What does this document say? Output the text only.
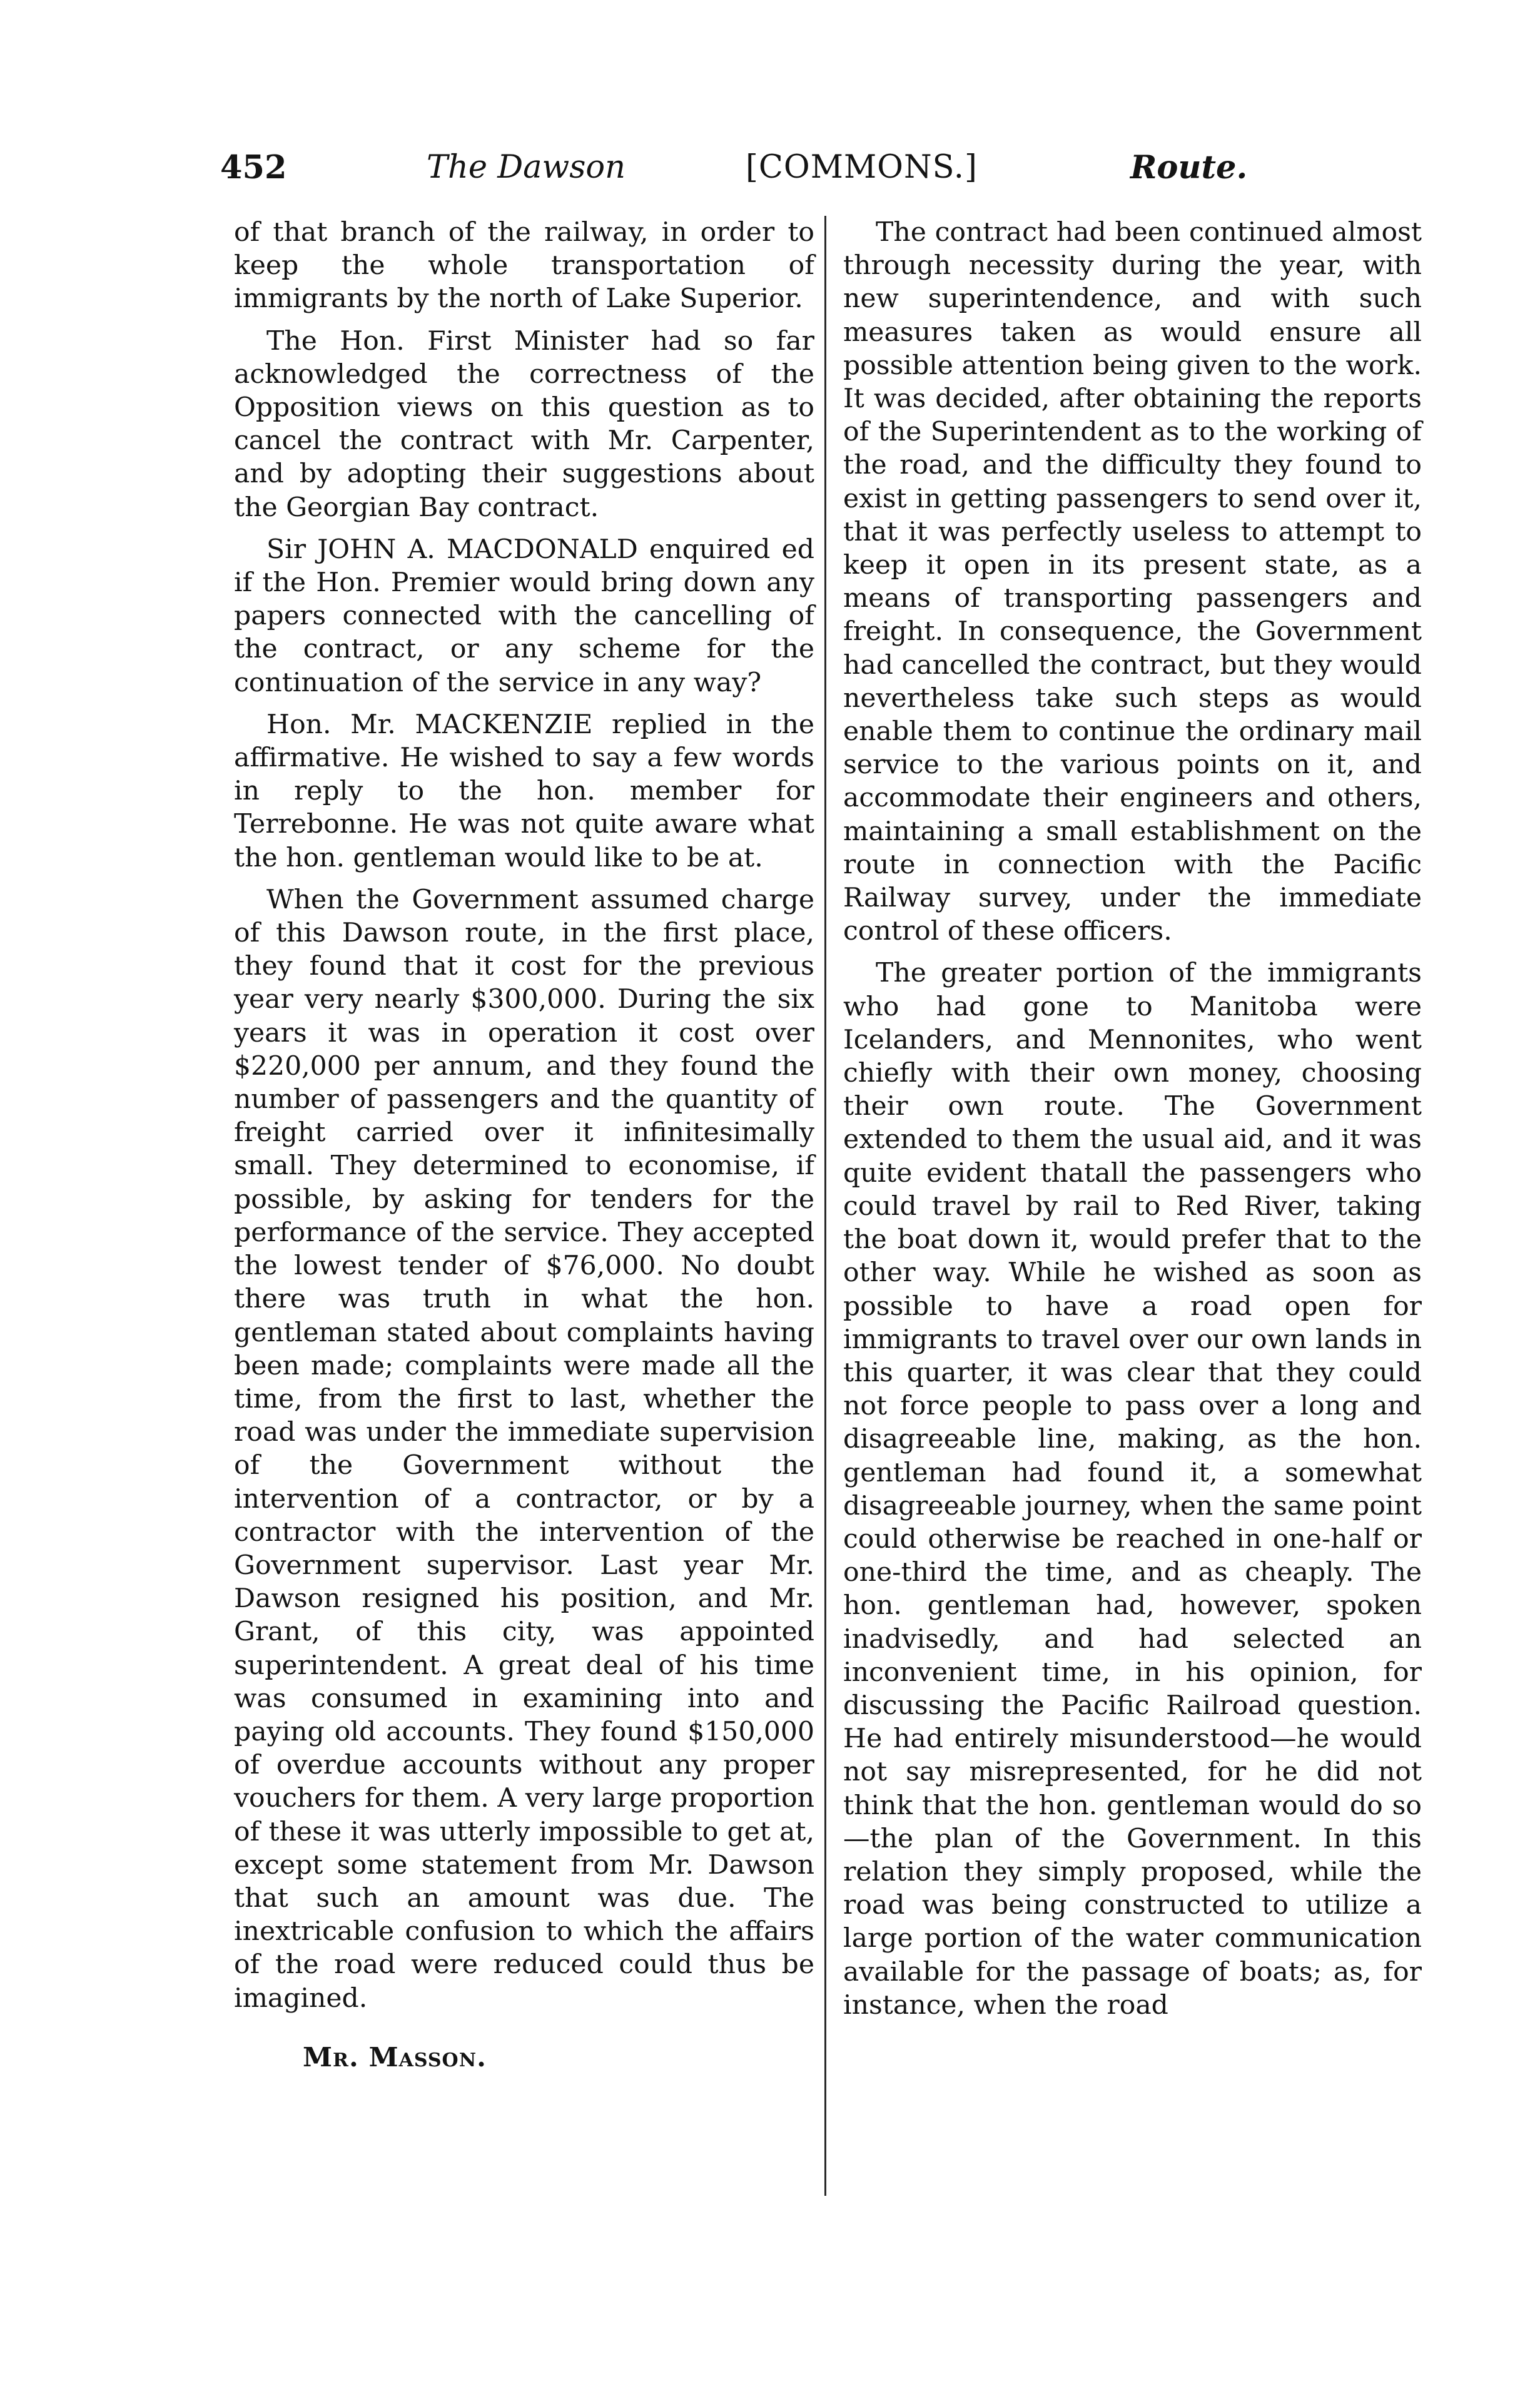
452	The Dawson	[COMMONS.]	Route.

of that branch of the railway, in order to keep the whole transportation of immigrants by the north of Lake Superior.

The Hon. First Minister had so far acknowledged the correctness of the Opposition views on this question as to cancel the contract with Mr. Carpenter, and by adopting their suggestions about the Georgian Bay contract.

Sir JOHN A. MACDONALD enquired ed if the Hon. Premier would bring down any papers connected with the cancelling of the contract, or any scheme for the continuation of the service in any way?

Hon. Mr. MACKENZIE replied in the affirmative. He wished to say a few words in reply to the hon. member for Terrebonne. He was not quite aware what the hon. gentleman would like to be at.

When the Government assumed charge of this Dawson route, in the first place, they found that it cost for the previous year very nearly $300,000. During the six years it was in operation it cost over $220,000 per annum, and they found the number of passengers and the quantity of freight carried over it infinitesimally small. They determined to economise, if possible, by asking for tenders for the performance of the service. They accepted the lowest tender of $76,000. No doubt there was truth in what the hon. gentleman stated about complaints having been made; complaints were made all the time, from the first to last, whether the road was under the immediate supervision of the Government without the intervention of a contractor, or by a contractor with the intervention of the Government supervisor. Last year Mr. Dawson resigned his position, and Mr. Grant, of this city, was appointed superintendent. A great deal of his time was consumed in examining into and paying old accounts. They found $150,000 of overdue accounts without any proper vouchers for them. A very large proportion of these it was utterly impossible to get at, except some statement from Mr. Dawson that such an amount was due. The inextricable confusion to which the affairs of the road were reduced could thus be imagined.

Mr. Masson.

The contract had been continued almost through necessity during the year, with new superintendence, and with such measures taken as would ensure all possible attention being given to the work. It was decided, after obtaining the reports of the Superintendent as to the working of the road, and the difficulty they found to exist in getting passengers to send over it, that it was perfectly useless to attempt to keep it open in its present state, as a means of transporting passengers and freight. In consequence, the Government had cancelled the contract, but they would nevertheless take such steps as would enable them to continue the ordinary mail service to the various points on it, and accommodate their engineers and others, maintaining a small establishment on the route in connection with the Pacific Railway survey, under the immediate control of these officers.

The greater portion of the immigrants who had gone to Manitoba were Icelanders, and Mennonites, who went chiefly with their own money, choosing their own route. The Government extended to them the usual aid, and it was quite evident thatall the passengers who could travel by rail to Red River, taking the boat down it, would prefer that to the other way. While he wished as soon as possible to have a road open for immigrants to travel over our own lands in this quarter, it was clear that they could not force people to pass over a long and disagreeable line, making, as the hon. gentleman had found it, a somewhat disagreeable journey, when the same point could otherwise be reached in one-half or one-third the time, and as cheaply. The hon. gentleman had, however, spoken inadvisedly, and had selected an inconvenient time, in his opinion, for discussing the Pacific Railroad question. He had entirely misunderstood—he would not say misrepresented, for he did not think that the hon. gentleman would do so—the plan of the Government. In this relation they simply proposed, while the road was being constructed to utilize a large portion of the water communication available for the passage of boats; as, for instance, when the road
